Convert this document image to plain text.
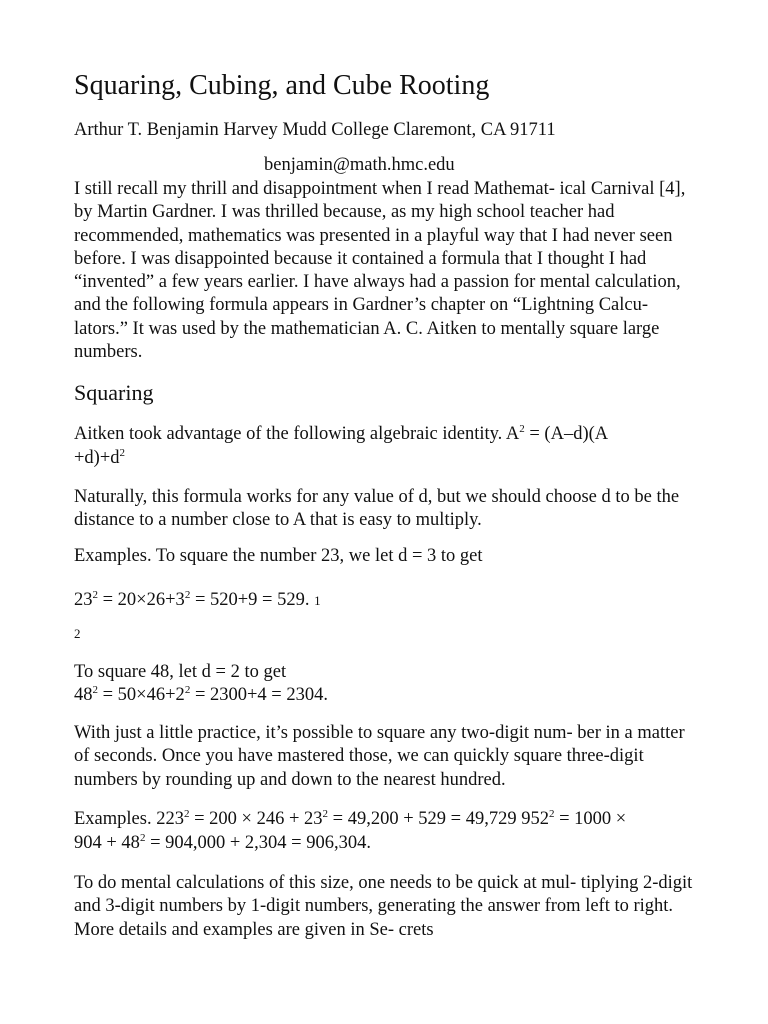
Squaring, Cubing, and Cube Rooting
Arthur T. Benjamin Harvey Mudd College Claremont, CA 91711
benjamin@math.hmc.edu

I still recall my thrill and disappointment when I read Mathemat- ical Carnival [4], by Martin Gardner. I was thrilled because, as my high school teacher had recommended, mathematics was presented in a playful way that I had never seen before. I was disappointed because it contained a formula that I thought I had “invented” a few years earlier. I have always had a passion for mental calculation, and the following formula appears in Gardner’s chapter on “Lightning Calcu- lators.” It was used by the mathematician A. C. Aitken to mentally square large numbers.

Squaring
Aitken took advantage of the following algebraic identity. $A^2 = (A-d)(A$
$+d)+d^2$

Naturally, this formula works for any value of d, but we should choose d to be the distance to a number close to A that is easy to multiply.

Examples. To square the number 23, we let d = 3 to get
$23^2 = 20\times 26+3^2 = 520+9 = 529$. 1
2
To square 48, let d = 2 to get
$48^2 = 50\times 46+2^2 = 2300+4 = 2304$.

With just a little practice, it’s possible to square any two-digit num- ber in a matter of seconds. Once you have mastered those, we can quickly square three-digit numbers by rounding up and down to the nearest hundred.

Examples. $223^2 = 200 \times 246 + 23^2 = 49,200 + 529 = 49,729$ $952^2 = 1000$ ×
$904 + 48^2 = 904,000 + 2,304 = 906,304$.

To do mental calculations of this size, one needs to be quick at mul- tiplying 2-digit and 3-digit numbers by 1-digit numbers, generating the answer from left to right. More details and examples are given in Se- crets
